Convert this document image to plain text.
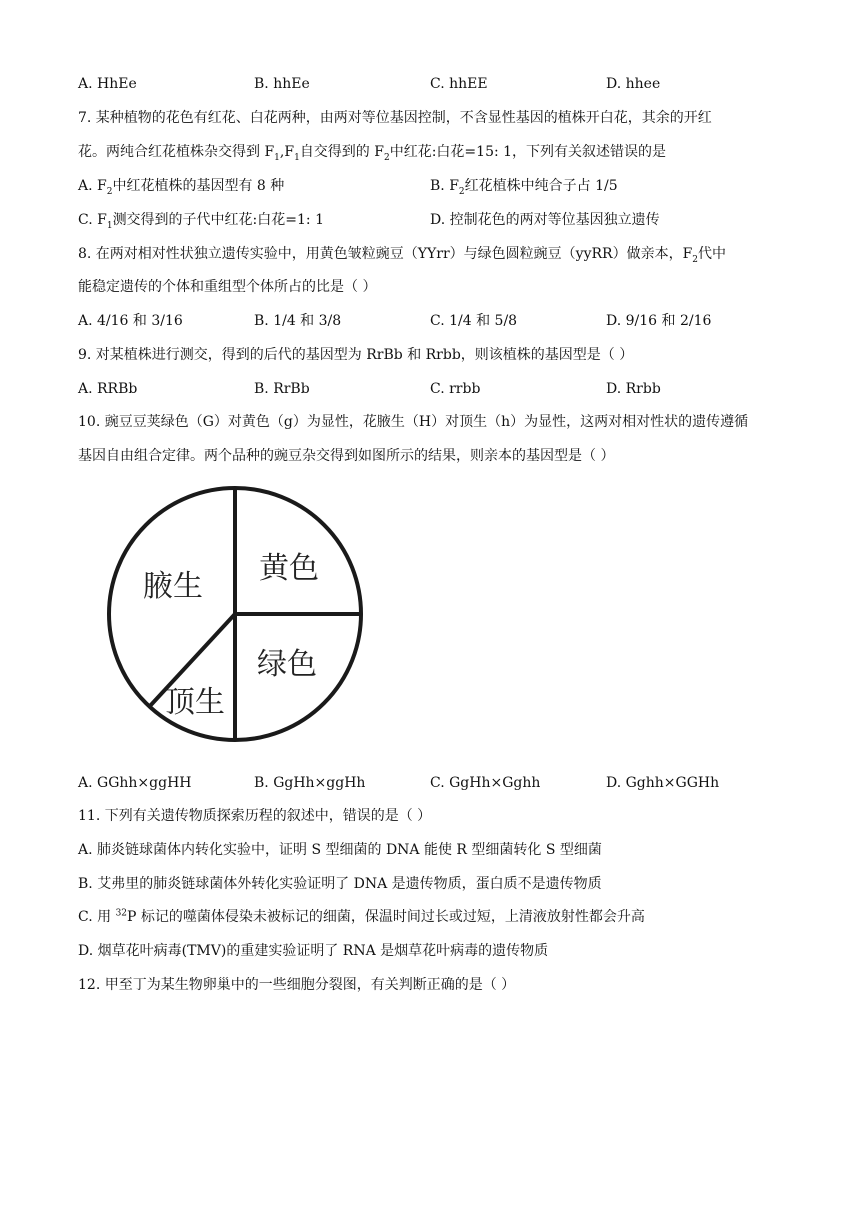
A. HhEe	B. hhEe	C. hhEE	D. hhee
7. 某种植物的花色有红花、白花两种，由两对等位基因控制，不含显性基因的植株开白花，其余的开红
花。两纯合红花植株杂交得到 $F_1,F_1$自交得到的 $F_2$中红花:白花=15: 1，下列有关叙述错误的是
A. $F_2$中红花植株的基因型有 8 种	B. $F_2$红花植株中纯合子占 1/5
C. $F_1$测交得到的子代中红花:白花=1: 1	D. 控制花色的两对等位基因独立遗传
8. 在两对相对性状独立遗传实验中，用黄色皱粒豌豆（YYrr）与绿色圆粒豌豆（yyRR）做亲本，$F_2$代中
能稳定遗传的个体和重组型个体所占的比是（ ）
A. 4/16 和 3/16	B. 1/4 和 3/8	C. 1/4 和 5/8	D. 9/16 和 2/16
9. 对某植株进行测交，得到的后代的基因型为 RrBb 和 Rrbb，则该植株的基因型是（ ）
A. RRBb	B. RrBb	C. rrbb	D. Rrbb
10. 豌豆豆荚绿色（G）对黄色（g）为显性，花腋生（H）对顶生（h）为显性，这两对相对性状的遗传遵循
基因自由组合定律。两个品种的豌豆杂交得到如图所示的结果，则亲本的基因型是（ ）
腋生
顶生
黄色
绿色
A. GGhh×ggHH	B. GgHh×ggHh	C. GgHh×Gghh	D. Gghh×GGHh
11. 下列有关遗传物质探索历程的叙述中，错误的是（ ）
A. 肺炎链球菌体内转化实验中，证明 S 型细菌的 DNA 能使 R 型细菌转化 S 型细菌
B. 艾弗里的肺炎链球菌体外转化实验证明了 DNA 是遗传物质，蛋白质不是遗传物质
C. 用 $^{32}$P 标记的噬菌体侵染未被标记的细菌，保温时间过长或过短，上清液放射性都会升高
D. 烟草花叶病毒(TMV)的重建实验证明了 RNA 是烟草花叶病毒的遗传物质
12. 甲至丁为某生物卵巢中的一些细胞分裂图，有关判断正确的是（ ）
